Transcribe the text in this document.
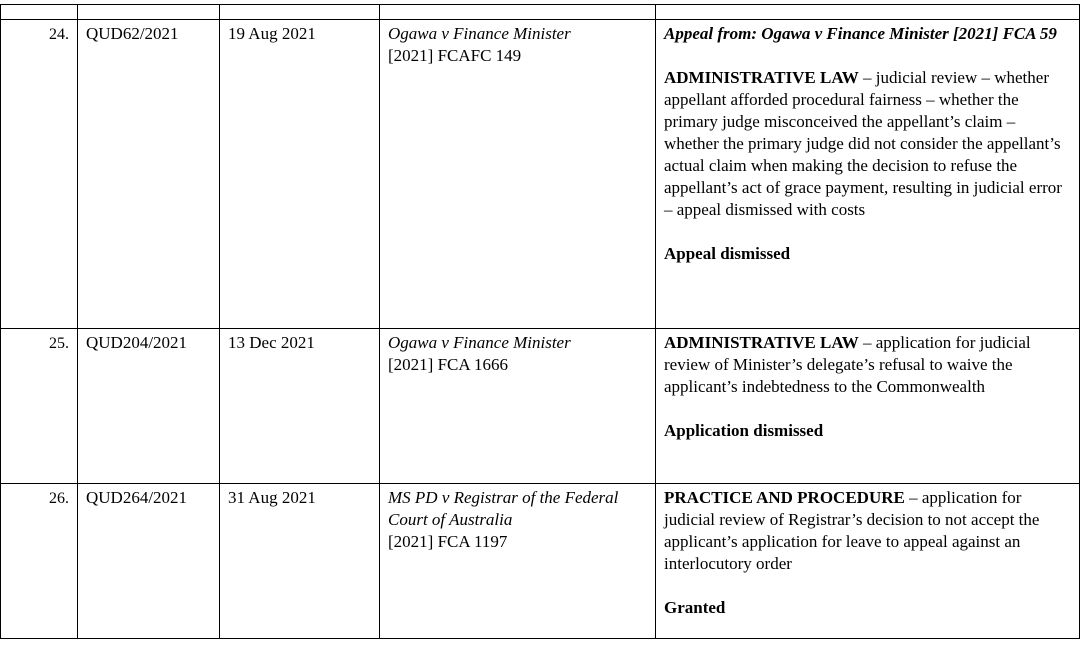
24.	QUD62/2021	19 Aug 2021	Ogawa v Finance Minister
[2021] FCAFC 149	Appeal from: Ogawa v Finance Minister [2021] FCA 59
ADMINISTRATIVE LAW – judicial review – whether appellant afforded procedural fairness – whether the primary judge misconceived the appellant’s claim – whether the primary judge did not consider the appellant’s actual claim when making the decision to refuse the appellant’s act of grace payment, resulting in judicial error – appeal dismissed with costs
Appeal dismissed

25.	QUD204/2021	13 Dec 2021	Ogawa v Finance Minister
[2021] FCA 1666	ADMINISTRATIVE LAW – application for judicial review of Minister’s delegate’s refusal to waive the applicant’s indebtedness to the Commonwealth
Application dismissed

26.	QUD264/2021	31 Aug 2021	MS PD v Registrar of the Federal Court of Australia
[2021] FCA 1197	PRACTICE AND PROCEDURE – application for judicial review of Registrar’s decision to not accept the applicant’s application for leave to appeal against an interlocutory order
Granted
